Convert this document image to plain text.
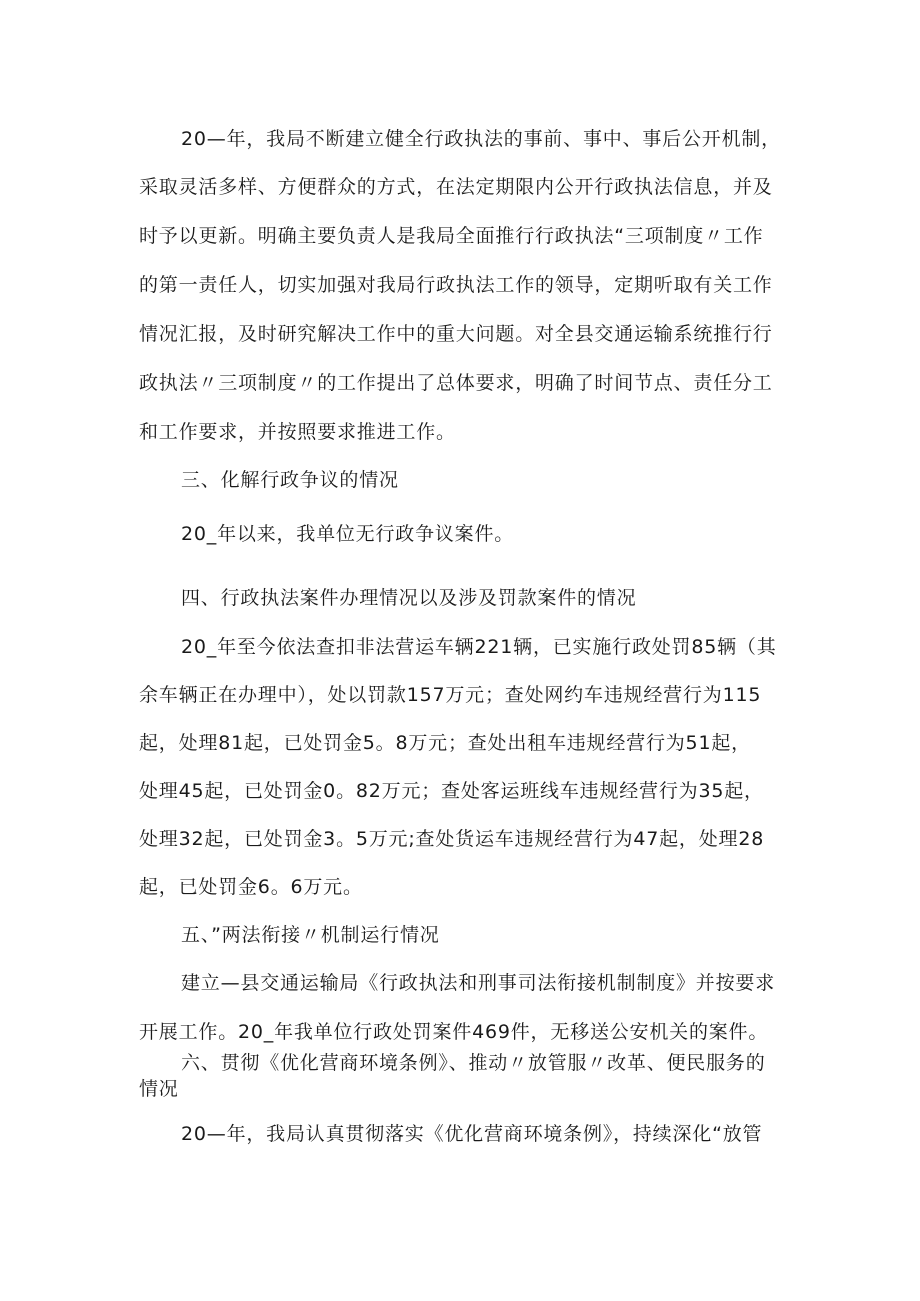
20—年，我局不断建立健全行政执法的事前、事中、事后公开机制，
采取灵活多样、方便群众的方式，在法定期限内公开行政执法信息，并及
时予以更新。明确主要负责人是我局全面推行行政执法“三项制度〃工作
的第一责任人，切实加强对我局行政执法工作的领导，定期听取有关工作
情况汇报，及时研究解决工作中的重大问题。对全县交通运输系统推行行
政执法〃三项制度〃的工作提出了总体要求，明确了时间节点、责任分工
和工作要求，并按照要求推进工作。
三、化解行政争议的情况
20_年以来，我单位无行政争议案件。
四、行政执法案件办理情况以及涉及罚款案件的情况
20_年至今依法查扣非法营运车辆221辆，已实施行政处罚85辆（其
余车辆正在办理中），处以罚款157万元；查处网约车违规经营行为115
起，处理81起，已处罚金5。8万元；查处出租车违规经营行为51起，
处理45起，已处罚金0。82万元；查处客运班线车违规经营行为35起，
处理32起，已处罚金3。5万元;查处货运车违规经营行为47起，处理28
起，已处罚金6。6万元。
五、”两法衔接〃机制运行情况
建立—县交通运输局《行政执法和刑事司法衔接机制制度》并按要求
开展工作。20_年我单位行政处罚案件469件，无移送公安机关的案件。
六、贯彻《优化营商环境条例》、推动〃放管服〃改革、便民服务的
情况
20—年，我局认真贯彻落实《优化营商环境条例》，持续深化“放管
